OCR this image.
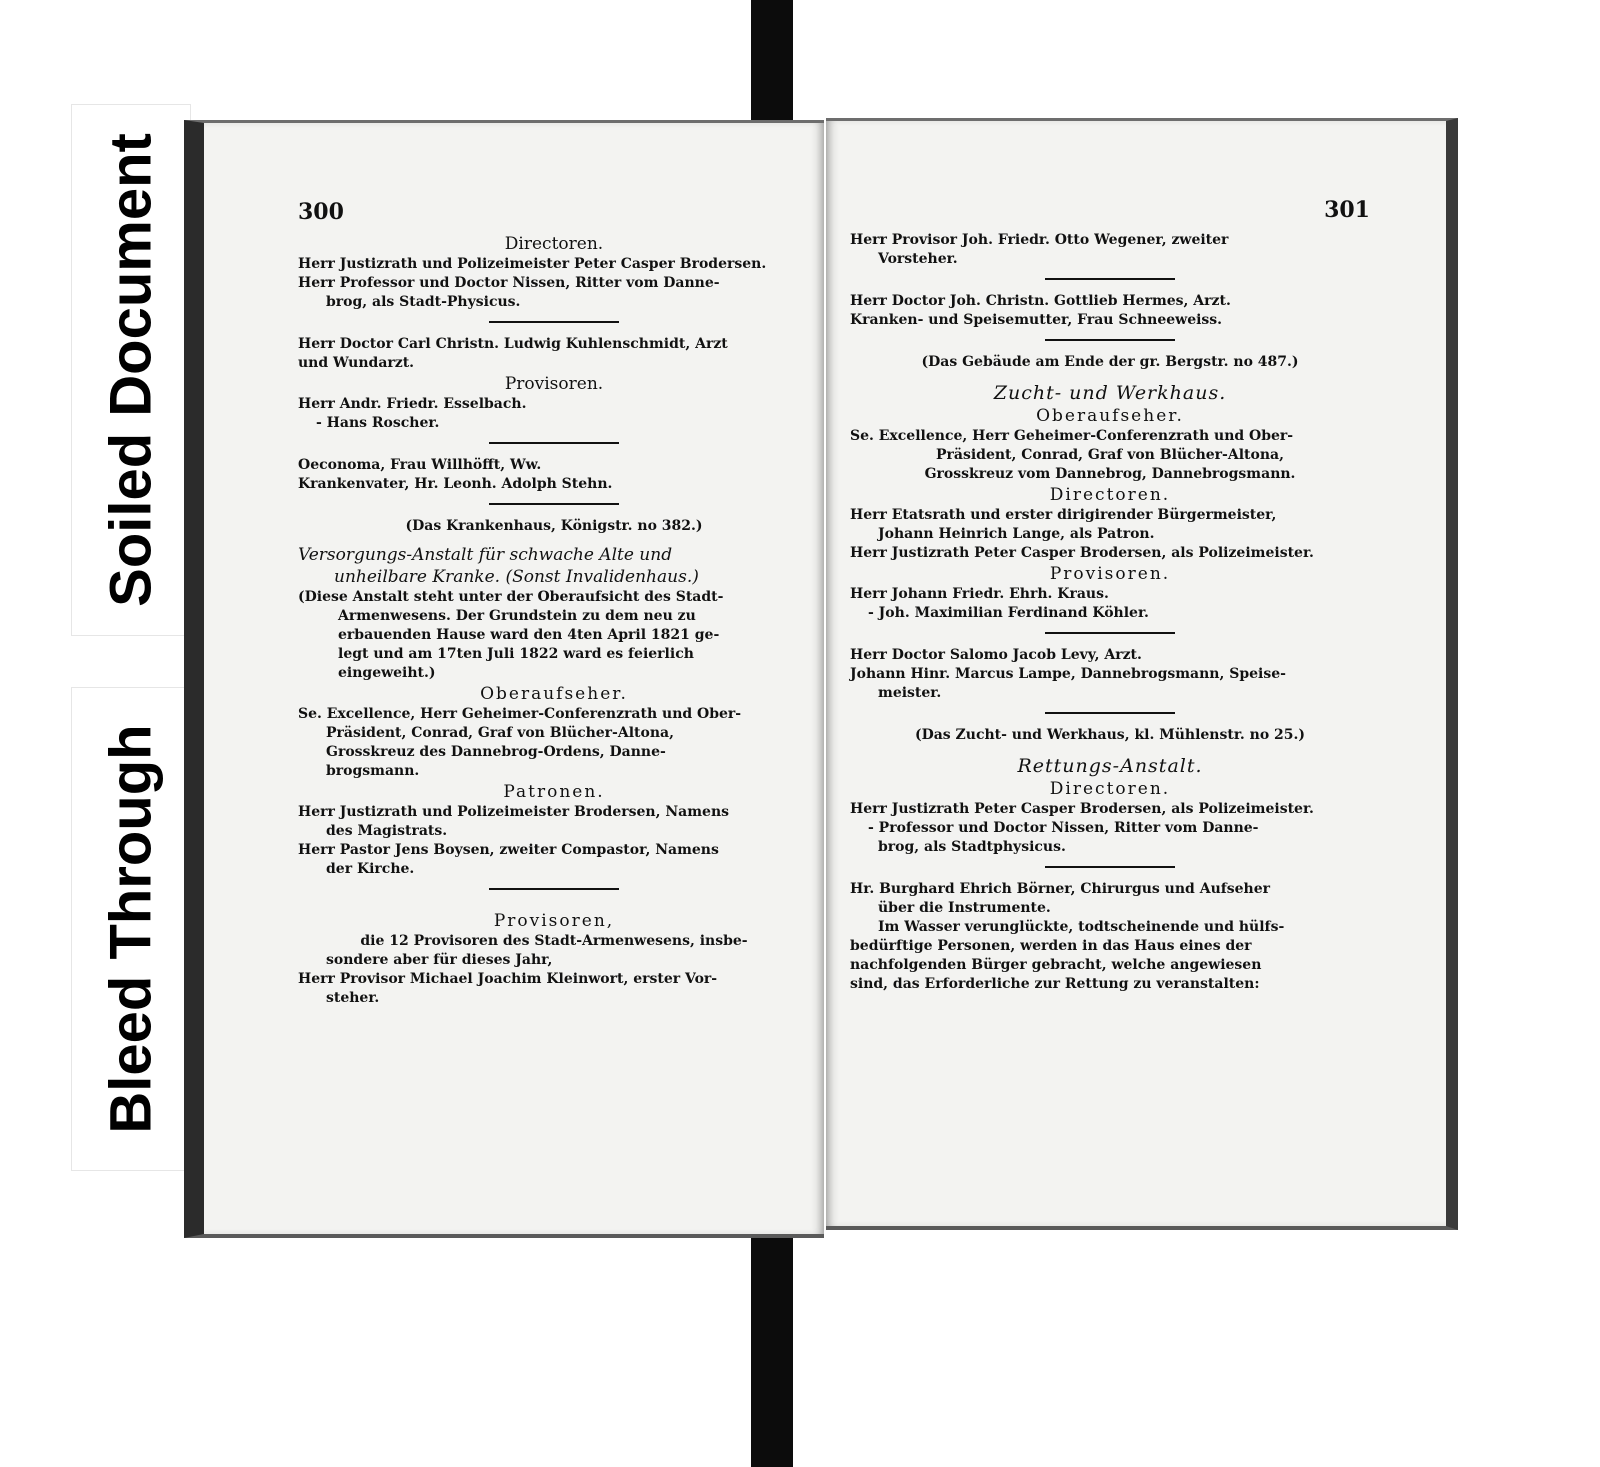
Soiled Document
Bleed Through
300
Directoren.
Herr Justizrath und Polizeimeister Peter Casper Brodersen.
Herr Professor und Doctor Nissen, Ritter vom Danne-
brog, als Stadt-Physicus.
Herr Doctor Carl Christn. Ludwig Kuhlenschmidt, Arzt
und Wundarzt.
Provisoren.
Herr Andr. Friedr. Esselbach.
- Hans Roscher.
Oeconoma, Frau Willhöfft, Ww.
Krankenvater, Hr. Leonh. Adolph Stehn.
(Das Krankenhaus, Königstr. no 382.)
Versorgungs-Anstalt für schwache Alte und
unheilbare Kranke. (Sonst Invalidenhaus.)
(Diese Anstalt steht unter der Oberaufsicht des Stadt-
Armenwesens. Der Grundstein zu dem neu zu
erbauenden Hause ward den 4ten April 1821 ge-
legt und am 17ten Juli 1822 ward es feierlich
eingeweiht.)
Oberaufseher.
Se. Excellence, Herr Geheimer-Conferenzrath und Ober-
Präsident, Conrad, Graf von Blücher-Altona,
Grosskreuz des Dannebrog-Ordens, Danne-
brogsmann.
Patronen.
Herr Justizrath und Polizeimeister Brodersen, Namens
des Magistrats.
Herr Pastor Jens Boysen, zweiter Compastor, Namens
der Kirche.
Provisoren,
die 12 Provisoren des Stadt-Armenwesens, insbe-
sondere aber für dieses Jahr,
Herr Provisor Michael Joachim Kleinwort, erster Vor-
steher.
301
Herr Provisor Joh. Friedr. Otto Wegener, zweiter
Vorsteher.
Herr Doctor Joh. Christn. Gottlieb Hermes, Arzt.
Kranken- und Speisemutter, Frau Schneeweiss.
(Das Gebäude am Ende der gr. Bergstr. no 487.)
Zucht- und Werkhaus.
Oberaufseher.
Se. Excellence, Herr Geheimer-Conferenzrath und Ober-
Präsident, Conrad, Graf von Blücher-Altona,
Grosskreuz vom Dannebrog, Dannebrogsmann.
Directoren.
Herr Etatsrath und erster dirigirender Bürgermeister,
Johann Heinrich Lange, als Patron.
Herr Justizrath Peter Casper Brodersen, als Polizeimeister.
Provisoren.
Herr Johann Friedr. Ehrh. Kraus.
- Joh. Maximilian Ferdinand Köhler.
Herr Doctor Salomo Jacob Levy, Arzt.
Johann Hinr. Marcus Lampe, Dannebrogsmann, Speise-
meister.
(Das Zucht- und Werkhaus, kl. Mühlenstr. no 25.)
Rettungs-Anstalt.
Directoren.
Herr Justizrath Peter Casper Brodersen, als Polizeimeister.
- Professor und Doctor Nissen, Ritter vom Danne-
brog, als Stadtphysicus.
Hr. Burghard Ehrich Börner, Chirurgus und Aufseher
über die Instrumente.
Im Wasser verunglückte, todtscheinende und hülfs-
bedürftige Personen, werden in das Haus eines der
nachfolgenden Bürger gebracht, welche angewiesen
sind, das Erforderliche zur Rettung zu veranstalten:
